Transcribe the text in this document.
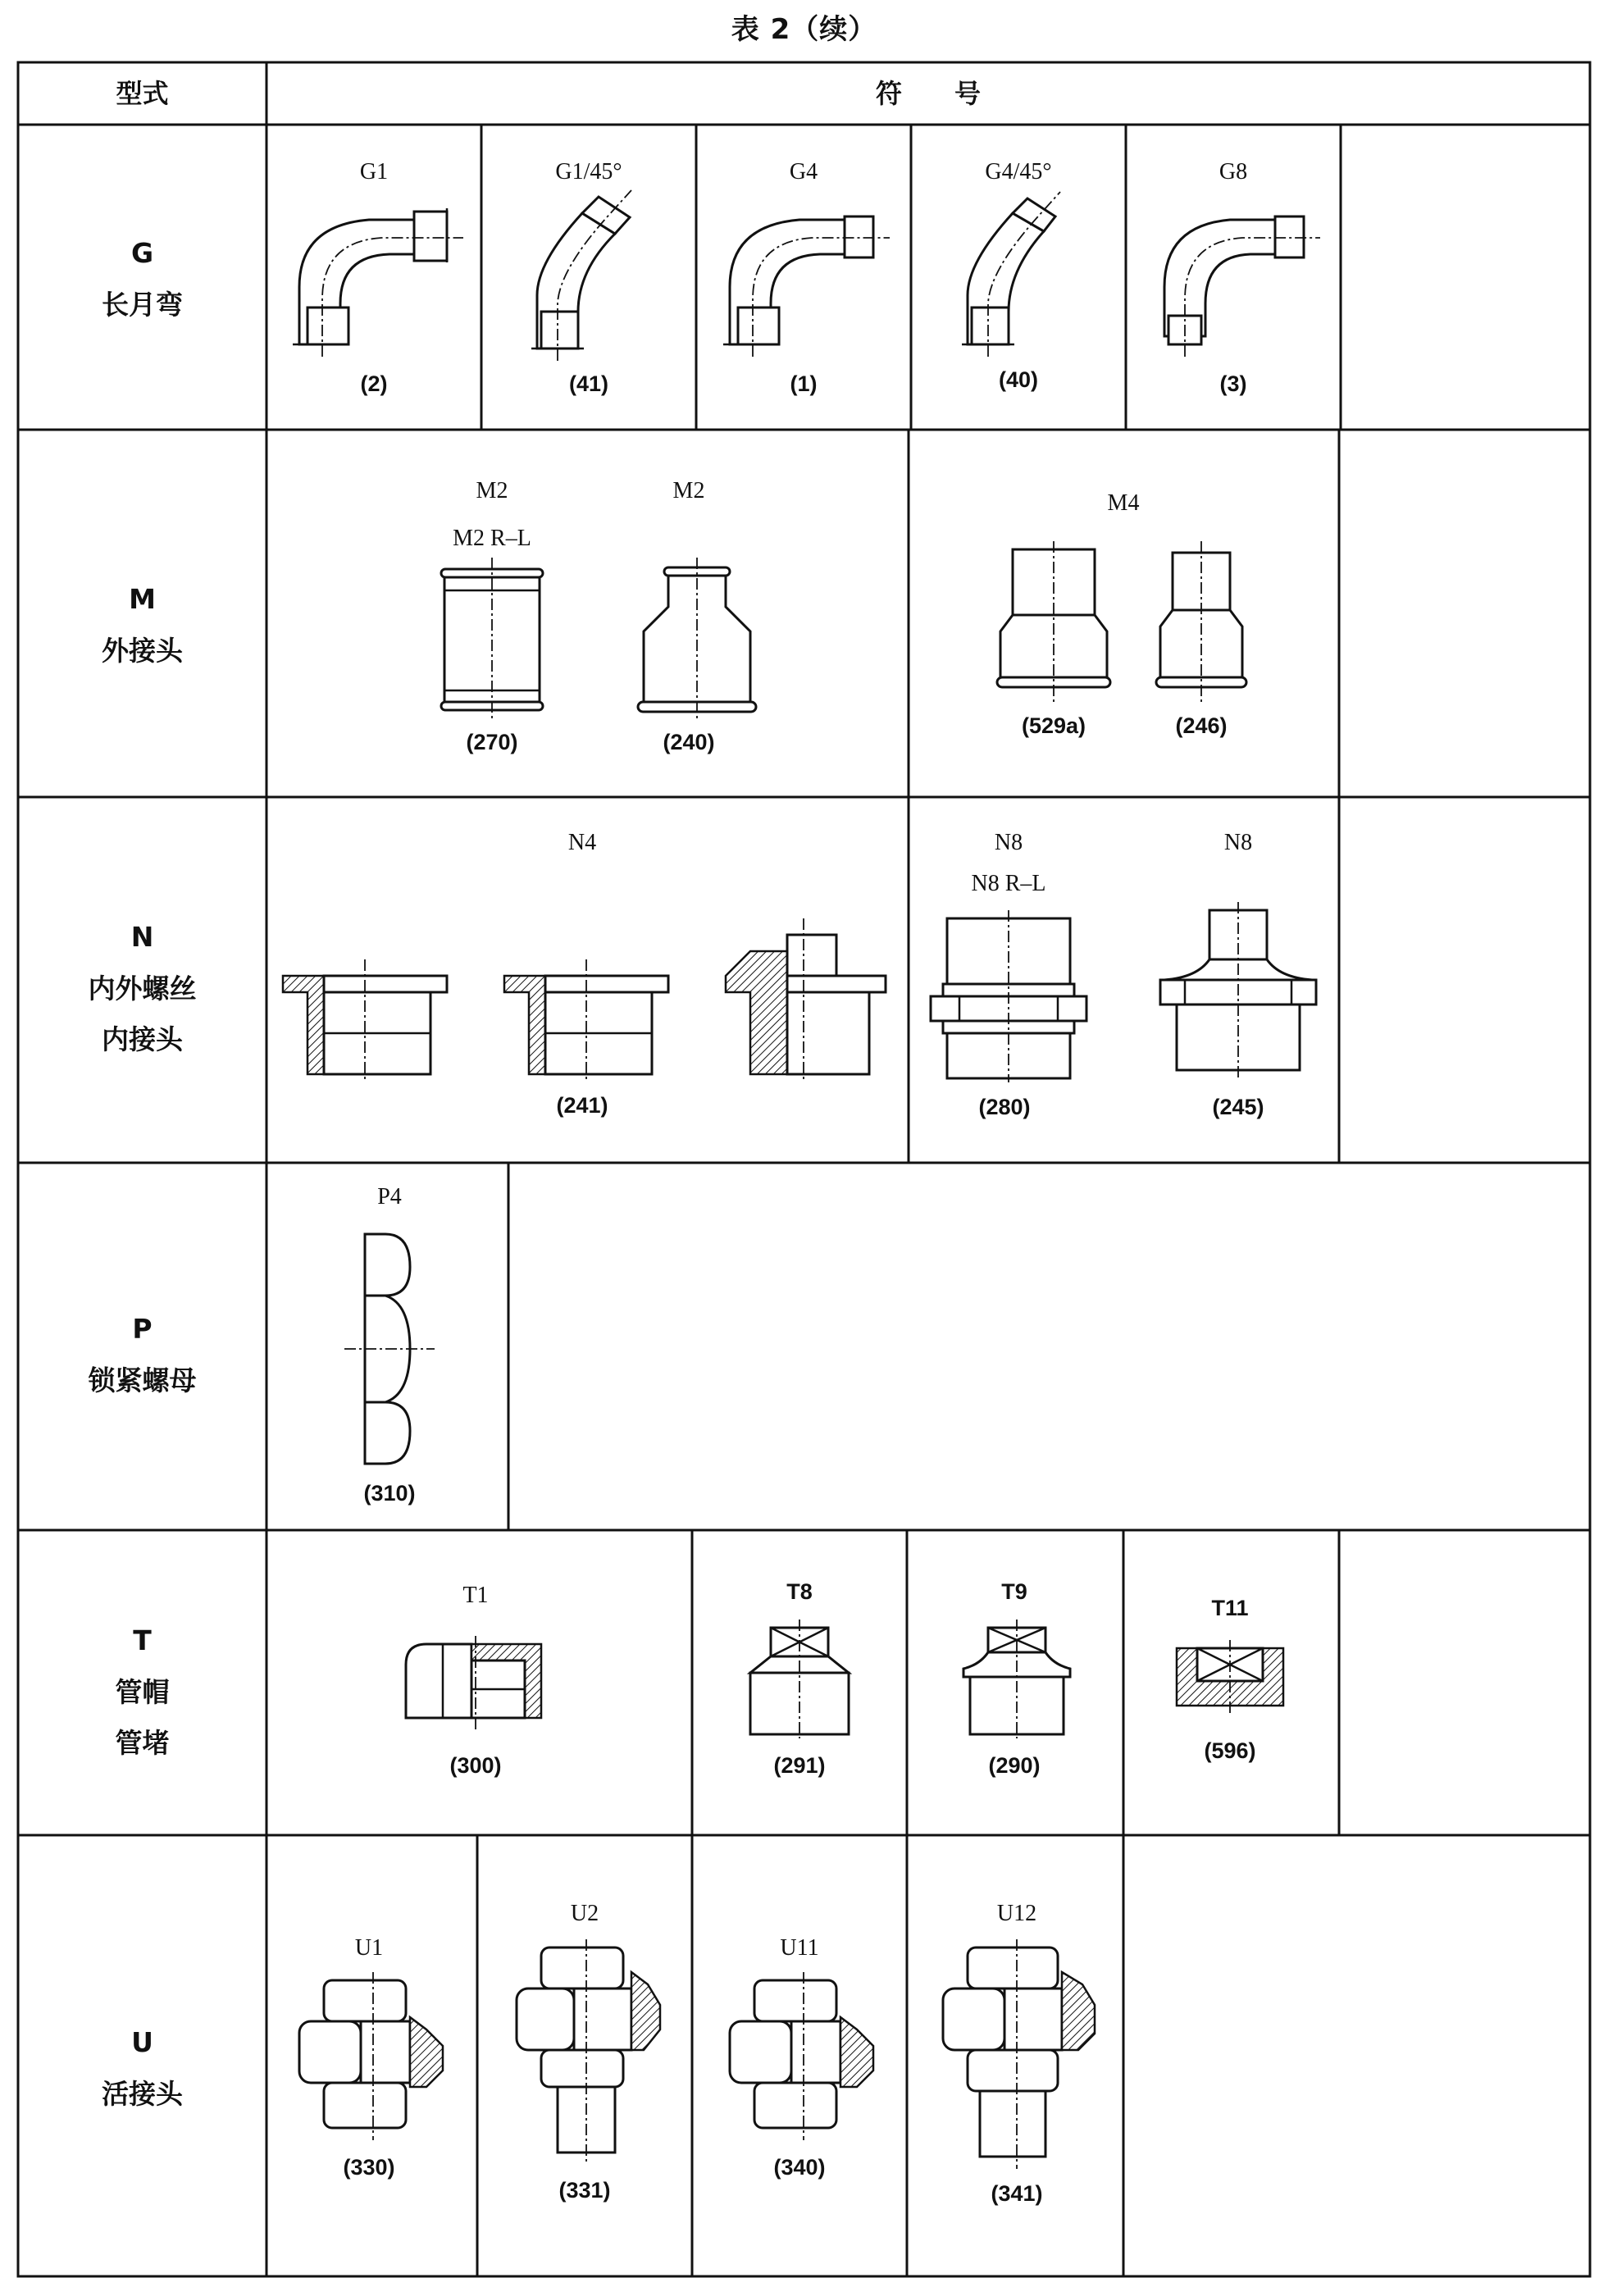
表 2（续）
型式	符　　号
G
长月弯
G1
(2)
G1/45°
(41)
G4
(1)
G4/45°
(40)
G8
(3)
M
外接头
M2
M2 R–L
(270)
M2
(240)
M4
(529a)	(246)
N
内外螺丝
内接头
N4
(241)
N8
N8 R–L
(280)
N8
(245)
P
锁紧螺母
P4
(310)
T
管帽
管堵
T1
(300)
T8
(291)
T9
(290)
T11
(596)
U
活接头
U1
(330)
U2
(331)
U11
(340)
U12
(341)
